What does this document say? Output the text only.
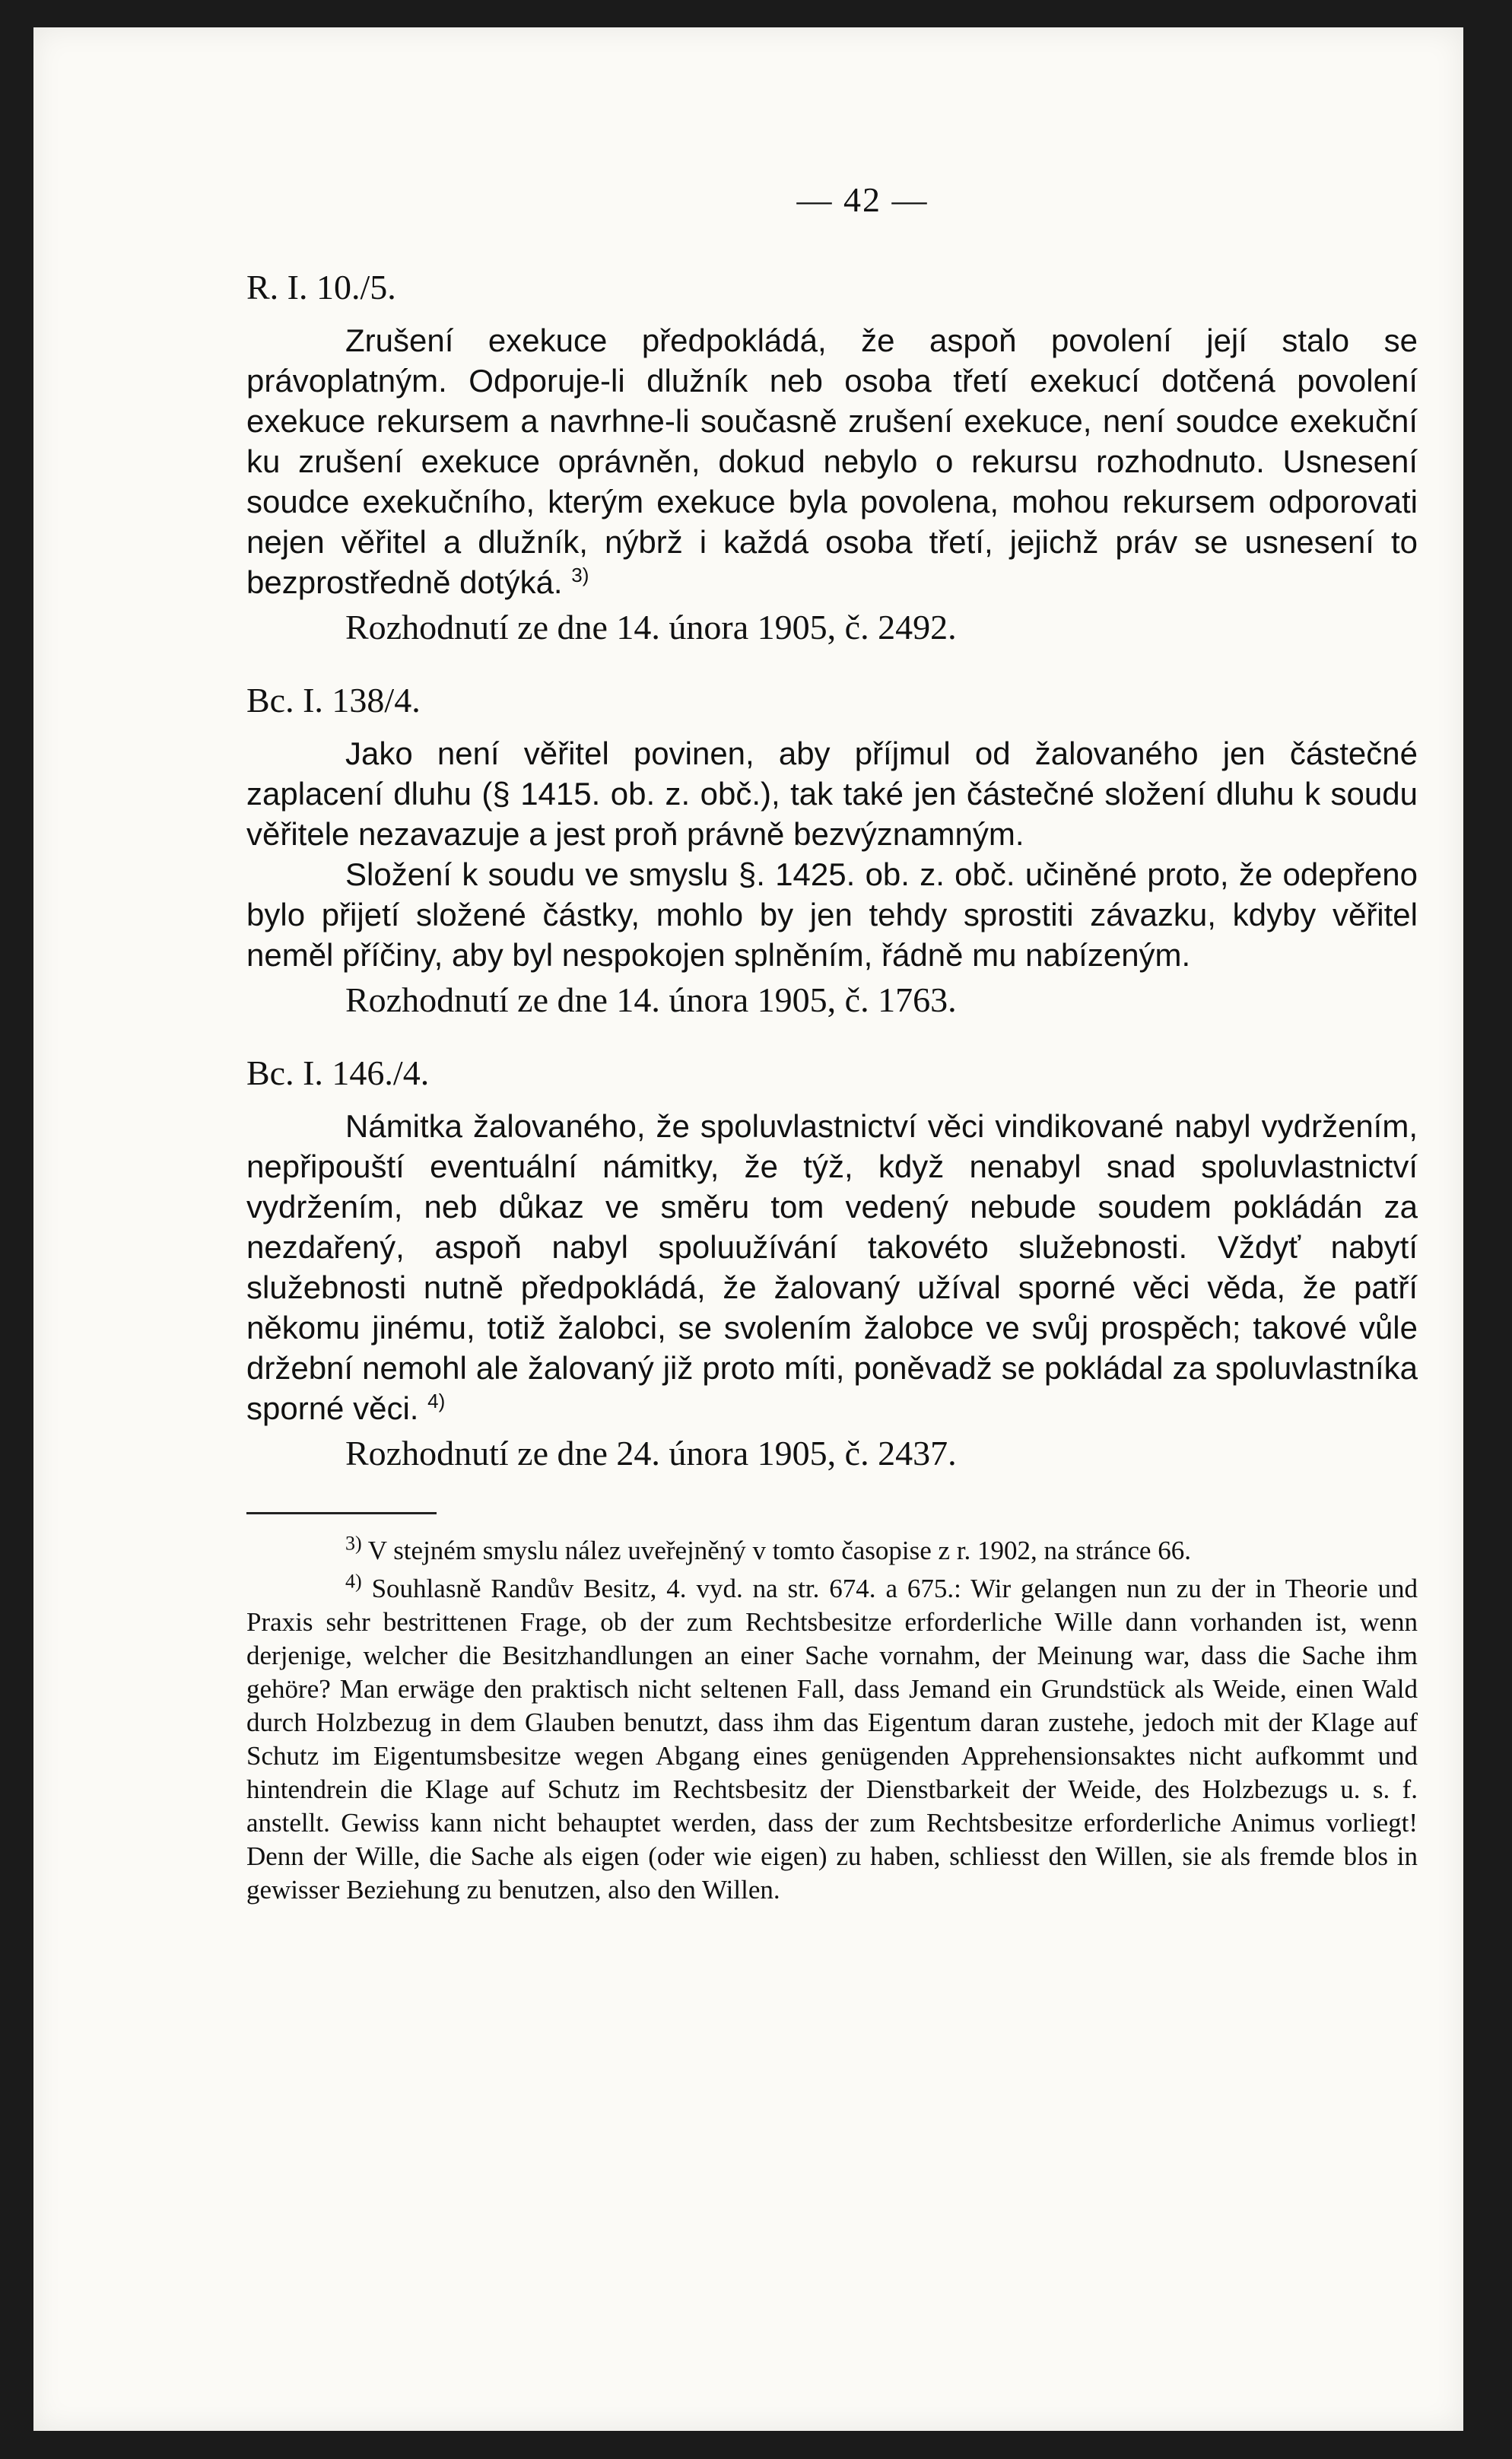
— 42 —
R. I. 10./5.

Zrušení exekuce předpokládá, že aspoň povolení její stalo se právoplatným. Odporuje-li dlužník neb osoba třetí exekucí dotčená povolení exekuce rekursem a navrhne-li současně zrušení exekuce, není soudce exekuční ku zrušení exekuce oprávněn, dokud nebylo o rekursu rozhodnuto. Usnesení soudce exekučního, kterým exekuce byla povolena, mohou rekursem odporovati nejen věřitel a dlužník, nýbrž i každá osoba třetí, jejichž práv se usnesení to bezprostředně dotýká. $^{3)}$

Rozhodnutí ze dne 14. února 1905, č. 2492.
Bc. I. 138/4.

Jako není věřitel povinen, aby příjmul od žalovaného jen částečné zaplacení dluhu (§ 1415. ob. z. obč.), tak také jen částečné složení dluhu k soudu věřitele nezavazuje a jest proň právně bezvýznamným.

Složení k soudu ve smyslu §. 1425. ob. z. obč. učiněné proto, že odepřeno bylo přijetí složené částky, mohlo by jen tehdy sprostiti závazku, kdyby věřitel neměl příčiny, aby byl nespokojen splněním, řádně mu nabízeným.

Rozhodnutí ze dne 14. února 1905, č. 1763.
Bc. I. 146./4.

Námitka žalovaného, že spoluvlastnictví věci vindikované nabyl vydržením, nepřipouští eventuální námitky, že týž, když nenabyl snad spoluvlastnictví vydržením, neb důkaz ve směru tom vedený nebude soudem pokládán za nezdařený, aspoň nabyl spoluužívání takovéto služebnosti. Vždyť nabytí služebnosti nutně předpokládá, že žalovaný užíval sporné věci věda, že patří někomu jinému, totiž žalobci, se svolením žalobce ve svůj prospěch; takové vůle držební nemohl ale žalovaný již proto míti, poněvadž se pokládal za spoluvlastníka sporné věci. $^{4)}$

Rozhodnutí ze dne 24. února 1905, č. 2437.

$^{3)}$ V stejném smyslu nález uveřejněný v tomto časopise z r. 1902, na stránce 66.

$^{4)}$ Souhlasně Randův Besitz, 4. vyd. na str. 674. a 675.: Wir gelangen nun zu der in Theorie und Praxis sehr bestrittenen Frage, ob der zum Rechtsbesitze erforderliche Wille dann vorhanden ist, wenn derjenige, welcher die Besitzhandlungen an einer Sache vornahm, der Meinung war, dass die Sache ihm gehöre? Man erwäge den praktisch nicht seltenen Fall, dass Jemand ein Grundstück als Weide, einen Wald durch Holzbezug in dem Glauben benutzt, dass ihm das Eigentum daran zustehe, jedoch mit der Klage auf Schutz im Eigentumsbesitze wegen Abgang eines genügenden Apprehensionsaktes nicht aufkommt und hintendrein die Klage auf Schutz im Rechtsbesitz der Dienstbarkeit der Weide, des Holzbezugs u. s. f. anstellt. Gewiss kann nicht behauptet werden, dass der zum Rechtsbesitze erforderliche Animus vorliegt! Denn der Wille, die Sache als eigen (oder wie eigen) zu haben, schliesst den Willen, sie als fremde blos in gewisser Beziehung zu benutzen, also den Willen.
